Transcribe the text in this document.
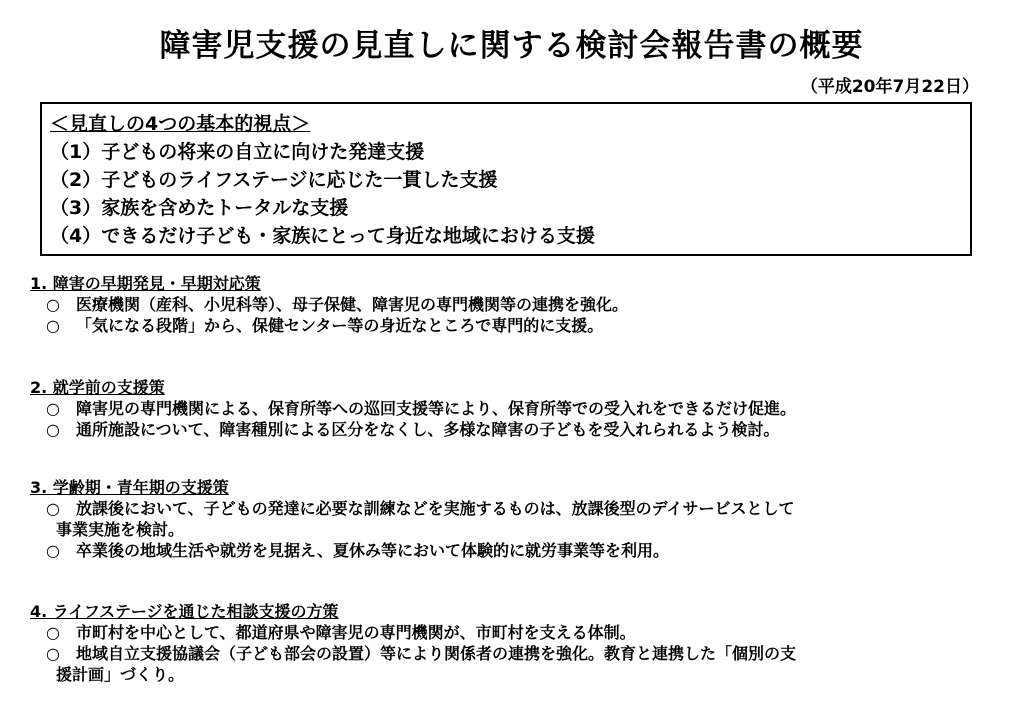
障害児支援の見直しに関する検討会報告書の概要
（平成20年7月22日）
＜見直しの4つの基本的視点＞
（1）子どもの将来の自立に向けた発達支援
（2）子どものライフステージに応じた一貫した支援
（3）家族を含めたトータルな支援
（4）できるだけ子ども・家族にとって身近な地域における支援
1. 障害の早期発見・早期対応策
○	医療機関（産科、小児科等）、母子保健、障害児の専門機関等の連携を強化。
○	「気になる段階」から、保健センター等の身近なところで専門的に支援。
2. 就学前の支援策
○	障害児の専門機関による、保育所等への巡回支援等により、保育所等での受入れをできるだけ促進。
○	通所施設について、障害種別による区分をなくし、多様な障害の子どもを受入れられるよう検討。
3. 学齢期・青年期の支援策
○	放課後において、子どもの発達に必要な訓練などを実施するものは、放課後型のデイサービスとして
事業実施を検討。
○	卒業後の地域生活や就労を見据え、夏休み等において体験的に就労事業等を利用。
4. ライフステージを通じた相談支援の方策
○	市町村を中心として、都道府県や障害児の専門機関が、市町村を支える体制。
○	地域自立支援協議会（子ども部会の設置）等により関係者の連携を強化。教育と連携した「個別の支
援計画」づくり。
